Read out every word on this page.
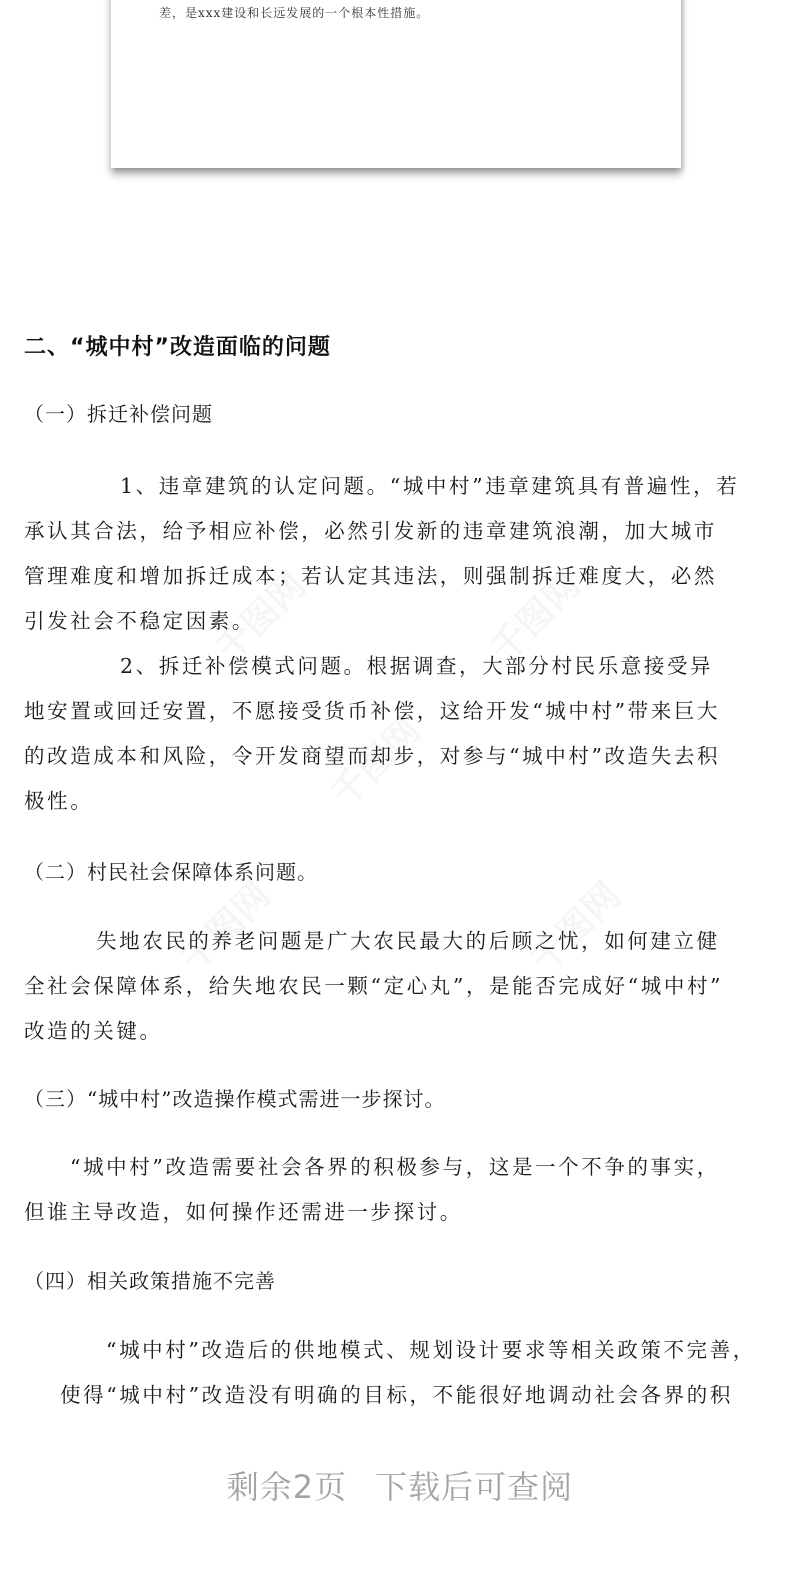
差，是xxx建设和长远发展的一个根本性措施。
千图网	千图网
千图网
千图网	千图网
二、“城中村”改造面临的问题
（一）拆迁补偿问题
1、违章建筑的认定问题。“城中村”违章建筑具有普遍性，若
承认其合法，给予相应补偿，必然引发新的违章建筑浪潮，加大城市
管理难度和增加拆迁成本；若认定其违法，则强制拆迁难度大，必然
引发社会不稳定因素。
2、拆迁补偿模式问题。根据调查，大部分村民乐意接受异
地安置或回迁安置，不愿接受货币补偿，这给开发“城中村”带来巨大
的改造成本和风险，令开发商望而却步，对参与“城中村”改造失去积
极性。
（二）村民社会保障体系问题。
失地农民的养老问题是广大农民最大的后顾之忧，如何建立健
全社会保障体系，给失地农民一颗“定心丸”，是能否完成好“城中村”
改造的关键。
（三）“城中村”改造操作模式需进一步探讨。
“城中村”改造需要社会各界的积极参与，这是一个不争的事实，
但谁主导改造，如何操作还需进一步探讨。
（四）相关政策措施不完善
“城中村”改造后的供地模式、规划设计要求等相关政策不完善，
使得“城中村”改造没有明确的目标，不能很好地调动社会各界的积
剩余2页 下载后可查阅
